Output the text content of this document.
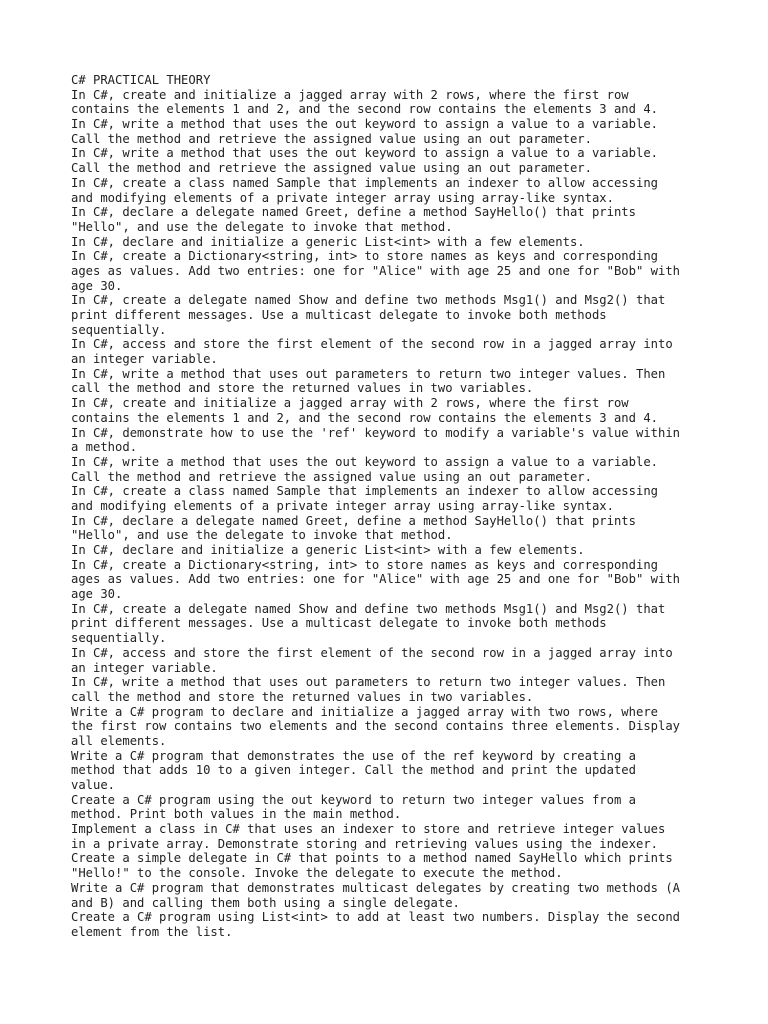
C# PRACTICAL THEORY
In C#, create and initialize a jagged array with 2 rows, where the first row
contains the elements 1 and 2, and the second row contains the elements 3 and 4.
In C#, write a method that uses the out keyword to assign a value to a variable.
Call the method and retrieve the assigned value using an out parameter.
In C#, write a method that uses the out keyword to assign a value to a variable.
Call the method and retrieve the assigned value using an out parameter.
In C#, create a class named Sample that implements an indexer to allow accessing
and modifying elements of a private integer array using array-like syntax.
In C#, declare a delegate named Greet, define a method SayHello() that prints
"Hello", and use the delegate to invoke that method.
In C#, declare and initialize a generic List<int> with a few elements.
In C#, create a Dictionary<string, int> to store names as keys and corresponding
ages as values. Add two entries: one for "Alice" with age 25 and one for "Bob" with
age 30.
In C#, create a delegate named Show and define two methods Msg1() and Msg2() that
print different messages. Use a multicast delegate to invoke both methods
sequentially.
In C#, access and store the first element of the second row in a jagged array into
an integer variable.
In C#, write a method that uses out parameters to return two integer values. Then
call the method and store the returned values in two variables.
In C#, create and initialize a jagged array with 2 rows, where the first row
contains the elements 1 and 2, and the second row contains the elements 3 and 4.
In C#, demonstrate how to use the 'ref' keyword to modify a variable's value within
a method.
In C#, write a method that uses the out keyword to assign a value to a variable.
Call the method and retrieve the assigned value using an out parameter.
In C#, create a class named Sample that implements an indexer to allow accessing
and modifying elements of a private integer array using array-like syntax.
In C#, declare a delegate named Greet, define a method SayHello() that prints
"Hello", and use the delegate to invoke that method.
In C#, declare and initialize a generic List<int> with a few elements.
In C#, create a Dictionary<string, int> to store names as keys and corresponding
ages as values. Add two entries: one for "Alice" with age 25 and one for "Bob" with
age 30.
In C#, create a delegate named Show and define two methods Msg1() and Msg2() that
print different messages. Use a multicast delegate to invoke both methods
sequentially.
In C#, access and store the first element of the second row in a jagged array into
an integer variable.
In C#, write a method that uses out parameters to return two integer values. Then
call the method and store the returned values in two variables.
Write a C# program to declare and initialize a jagged array with two rows, where
the first row contains two elements and the second contains three elements. Display
all elements.
Write a C# program that demonstrates the use of the ref keyword by creating a
method that adds 10 to a given integer. Call the method and print the updated
value.
Create a C# program using the out keyword to return two integer values from a
method. Print both values in the main method.
Implement a class in C# that uses an indexer to store and retrieve integer values
in a private array. Demonstrate storing and retrieving values using the indexer.
Create a simple delegate in C# that points to a method named SayHello which prints
"Hello!" to the console. Invoke the delegate to execute the method.
Write a C# program that demonstrates multicast delegates by creating two methods (A
and B) and calling them both using a single delegate.
Create a C# program using List<int> to add at least two numbers. Display the second
element from the list.
